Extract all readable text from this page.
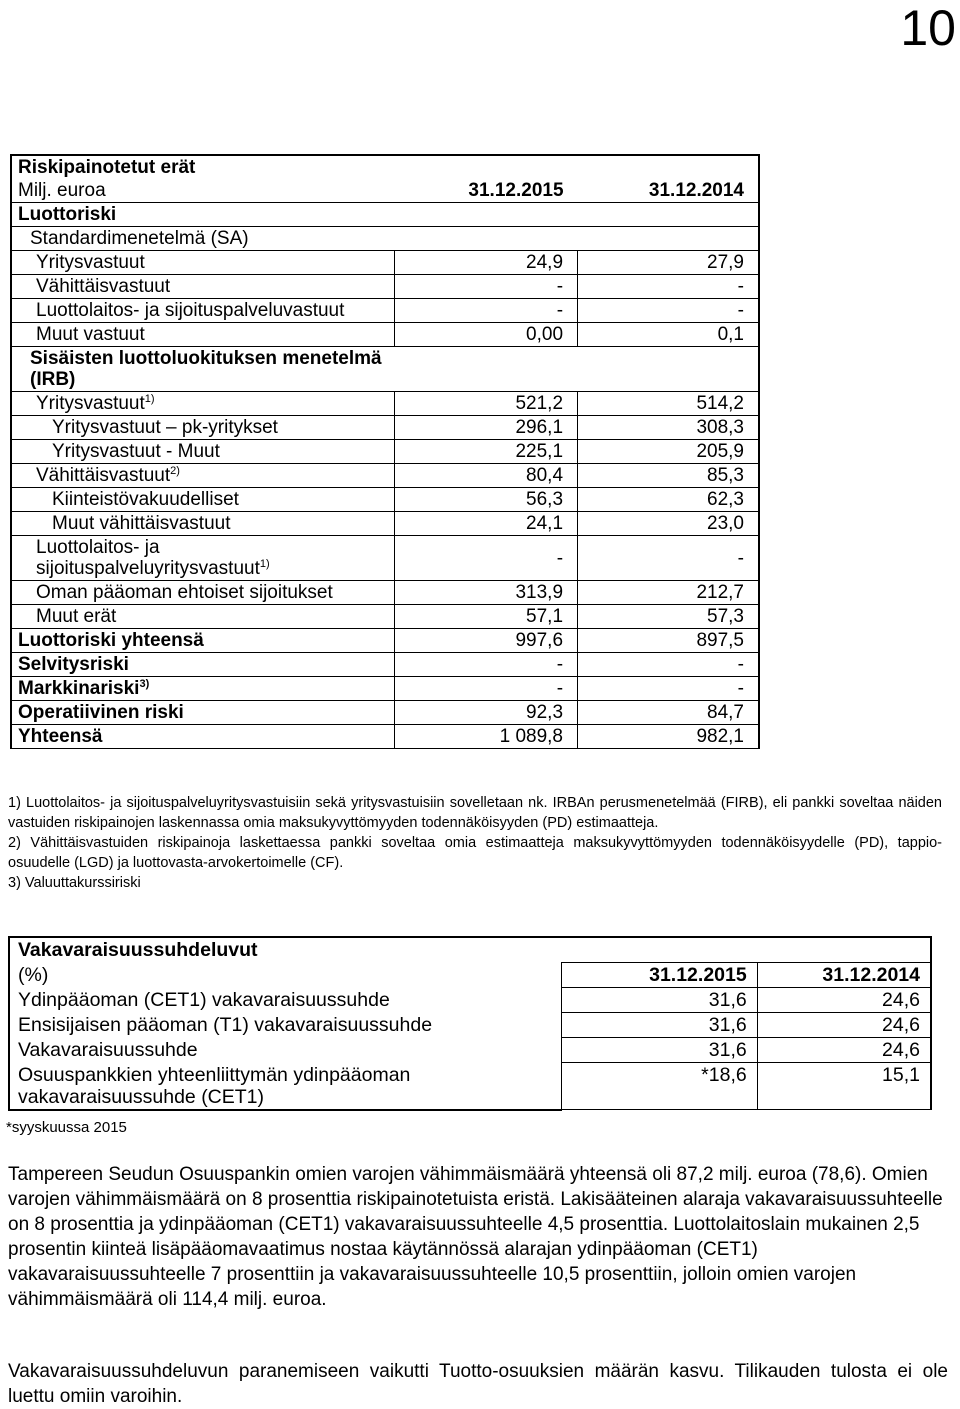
10
Riskipainotetut erät		
Milj. euroa	31.12.2015	31.12.2014
Luottoriski		
Standardimenetelmä (SA)		
Yritysvastuut	24,9	27,9
Vähittäisvastuut	-	-
Luottolaitos- ja sijoituspalveluvastuut	-	-
Muut vastuut	0,00	0,1
Sisäisten luottoluokituksen menetelmä (IRB)		
Yritysvastuut$^{1)}$	521,2	514,2
Yritysvastuut – pk-yritykset	296,1	308,3
Yritysvastuut - Muut	225,1	205,9
Vähittäisvastuut$^{2)}$	80,4	85,3
Kiinteistövakuudelliset	56,3	62,3
Muut vähittäisvastuut	24,1	23,0
Luottolaitos- ja sijoituspalveluyritysvastuut$^{1)}$	-	-
Oman pääoman ehtoiset sijoitukset	313,9	212,7
Muut erät	57,1	57,3
Luottoriski yhteensä	997,6	897,5
Selvitysriski	-	-
Markkinariski$^{3)}$	-	-
Operatiivinen riski	92,3	84,7
Yhteensä	1 089,8	982,1

1) Luottolaitos- ja sijoituspalveluyritysvastuisiin sekä yritysvastuisiin sovelletaan nk. IRBAn perusmenetelmää (FIRB), eli pankki soveltaa näiden vastuiden riskipainojen laskennassa omia maksukyvyttömyyden todennäköisyyden (PD) estimaatteja.

2) Vähittäisvastuiden riskipainoja laskettaessa pankki soveltaa omia estimaatteja maksukyvyttömyyden todennäköisyydelle (PD), tappio-osuudelle (LGD) ja luottovasta-arvokertoimelle (CF).

3) Valuuttakurssiriski

Vakavaraisuussuhdeluvut		
(%)	31.12.2015	31.12.2014
Ydinpääoman (CET1) vakavaraisuussuhde	31,6	24,6
Ensisijaisen pääoman (T1) vakavaraisuussuhde	31,6	24,6
Vakavaraisuussuhde	31,6	24,6
Osuuspankkien yhteenliittymän ydinpääoman vakavaraisuussuhde (CET1)	*18,6	15,1
*syyskuussa 2015

Tampereen Seudun Osuuspankin omien varojen vähimmäismäärä yhteensä oli 87,2 milj. euroa (78,6). Omien varojen vähimmäismäärä on 8 prosenttia riskipainotetuista eristä. Lakisääteinen alaraja vakavaraisuussuhteelle on 8 prosenttia ja ydinpääoman (CET1) vakavaraisuussuhteelle 4,5 prosenttia. Luottolaitoslain mukainen 2,5 prosentin kiinteä lisäpääomavaatimus nostaa käytännössä alarajan ydinpääoman (CET1) vakavaraisuussuhteelle 7 prosenttiin ja vakavaraisuussuhteelle 10,5 prosenttiin, jolloin omien varojen vähimmäismäärä oli 114,4 milj. euroa.

Vakavaraisuussuhdeluvun paranemiseen vaikutti Tuotto-osuuksien määrän kasvu. Tilikauden tulosta ei ole luettu omiin varoihin.
